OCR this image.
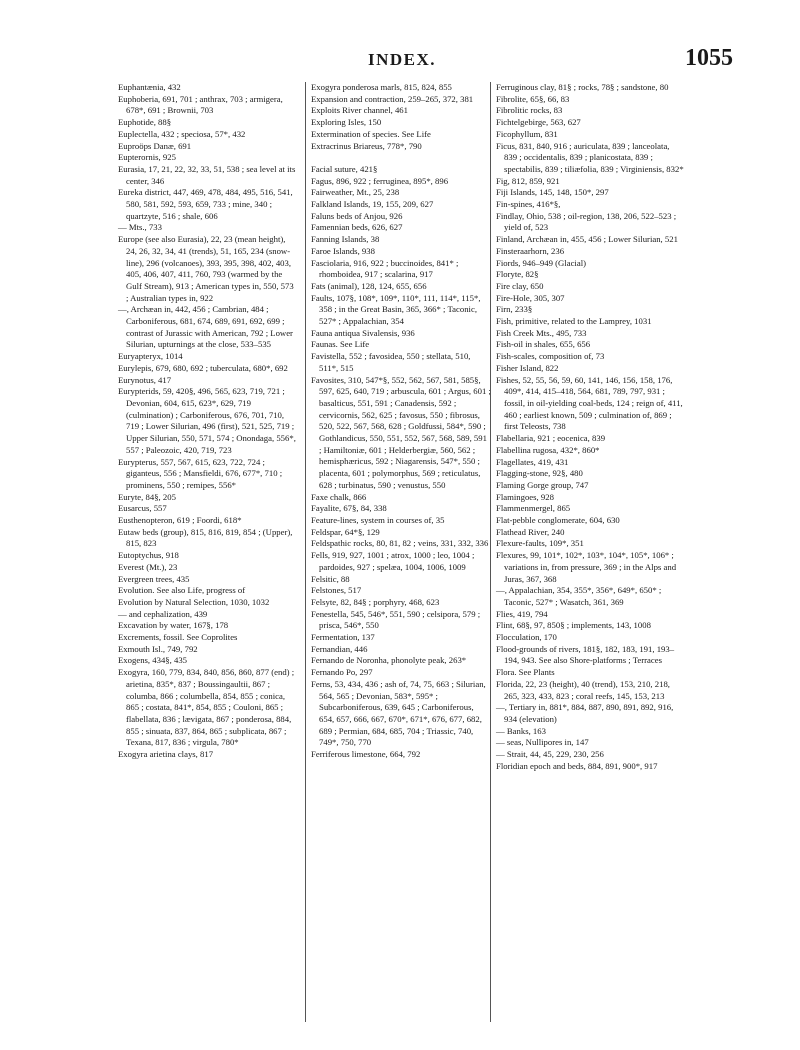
INDEX.	1055
Euphantænia, 432
Euphoberia, 691, 701 ; anthrax, 703 ; armigera, 678*, 691 ; Brownii, 703
Euphotide, 88§
Euplectella, 432 ; speciosa, 57*, 432
Euproöps Danæ, 691
Eupterornis, 925
Eurasia, 17, 21, 22, 32, 33, 51, 538 ; sea level at its center, 346
Eureka district, 447, 469, 478, 484, 495, 516, 541, 580, 581, 592, 593, 659, 733 ; mine, 340 ; quartzyte, 516 ; shale, 606
— Mts., 733
Europe (see also Eurasia), 22, 23 (mean height), 24, 26, 32, 34, 41 (trends), 51, 165, 234 (snow-line), 296 (volcanoes), 393, 395, 398, 402, 403, 405, 406, 407, 411, 760, 793 (warmed by the Gulf Stream), 913 ; American types in, 550, 573 ; Australian types in, 922
—, Archæan in, 442, 456 ; Cambrian, 484 ; Carboniferous, 681, 674, 689, 691, 692, 699 ; contrast of Jurassic with American, 792 ; Lower Silurian, upturnings at the close, 533–535
Euryapteryx, 1014
Eurylepis, 679, 680, 692 ; tuberculata, 680*, 692
Eurynotus, 417
Eurypterids, 59, 420§, 496, 565, 623, 719, 721 ; Devonian, 604, 615, 623*, 629, 719 (culmination) ; Carboniferous, 676, 701, 710, 719 ; Lower Silurian, 496 (first), 521, 525, 719 ; Upper Silurian, 550, 571, 574 ; Onondaga, 556*, 557 ; Paleozoic, 420, 719, 723
Eurypterus, 557, 567, 615, 623, 722, 724 ; giganteus, 556 ; Mansfieldi, 676, 677*, 710 ; prominens, 550 ; remipes, 556*
Euryte, 84§, 205
Eusarcus, 557
Eusthenopteron, 619 ; Foordi, 618*
Eutaw beds (group), 815, 816, 819, 854 ; (Upper), 815, 823
Eutoptychus, 918
Everest (Mt.), 23
Evergreen trees, 435
Evolution. See also Life, progress of
Evolution by Natural Selection, 1030, 1032
— and cephalization, 439
Excavation by water, 167§, 178
Excrements, fossil. See Coprolites
Exmouth Isl., 749, 792
Exogens, 434§, 435
Exogyra, 160, 779, 834, 840, 856, 860, 877 (end) ; arietina, 835*, 837 ; Boussingaultii, 867 ; columba, 866 ; columbella, 854, 855 ; conica, 865 ; costata, 841*, 854, 855 ; Couloni, 865 ; flabellata, 836 ; lævigata, 867 ; ponderosa, 884, 855 ; sinuata, 837, 864, 865 ; subplicata, 867 ; Texana, 817, 836 ; virgula, 780*
Exogyra arietina clays, 817
Exogyra ponderosa marls, 815, 824, 855
Expansion and contraction, 259–265, 372, 381
Exploits River channel, 461
Exploring Isles, 150
Extermination of species. See Life
Extracrinus Briareus, 778*, 790
Facial suture, 421§
Fagus, 896, 922 ; ferruginea, 895*, 896
Fairweather, Mt., 25, 238
Falkland Islands, 19, 155, 209, 627
Faluns beds of Anjou, 926
Famennian beds, 626, 627
Fanning Islands, 38
Faroe Islands, 938
Fasciolaria, 916, 922 ; buccinoides, 841* ; rhomboidea, 917 ; scalarina, 917
Fats (animal), 128, 124, 655, 656
Faults, 107§, 108*, 109*, 110*, 111, 114*, 115*, 358 ; in the Great Basin, 365, 366* ; Taconic, 527* ; Appalachian, 354
Fauna antiqua Sivalensis, 936
Faunas. See Life
Favistella, 552 ; favosidea, 550 ; stellata, 510, 511*, 515
Favosites, 310, 547*§, 552, 562, 567, 581, 585§, 597, 625, 640, 719 ; arbuscula, 601 ; Argus, 601 ; basalticus, 551, 591 ; Canadensis, 592 ; cervicornis, 562, 625 ; favosus, 550 ; fibrosus, 520, 522, 567, 568, 628 ; Goldfussi, 584*, 590 ; Gothlandicus, 550, 551, 552, 567, 568, 589, 591 ; Hamiltoniæ, 601 ; Helderbergiæ, 560, 562 ; hemisphæricus, 592 ; Niagarensis, 547*, 550 ; placenta, 601 ; polymorphus, 569 ; reticulatus, 628 ; turbinatus, 590 ; venustus, 550
Faxe chalk, 866
Fayalite, 67§, 84, 338
Feature-lines, system in courses of, 35
Feldspar, 64*§, 129
Feldspathic rocks, 80, 81, 82 ; veins, 331, 332, 336
Fells, 919, 927, 1001 ; atrox, 1000 ; leo, 1004 ; pardoides, 927 ; spelæa, 1004, 1006, 1009
Felsitic, 88
Felstones, 517
Felsyte, 82, 84§ ; porphyry, 468, 623
Fenestella, 545, 546*, 551, 590 ; celsipora, 579 ; prisca, 546*, 550
Fermentation, 137
Fernandian, 446
Fernando de Noronha, phonolyte peak, 263*
Fernando Po, 297
Ferns, 53, 434, 436 ; ash of, 74, 75, 663 ; Silurian, 564, 565 ; Devonian, 583*, 595* ; Subcarboniferous, 639, 645 ; Carboniferous, 654, 657, 666, 667, 670*, 671*, 676, 677, 682, 689 ; Permian, 684, 685, 704 ; Triassic, 740, 749*, 750, 770
Ferriferous limestone, 664, 792
Ferruginous clay, 81§ ; rocks, 78§ ; sandstone, 80
Fibrolite, 65§, 66, 83
Fibrolitic rocks, 83
Fichtelgebirge, 563, 627
Ficophyllum, 831
Ficus, 831, 840, 916 ; auriculata, 839 ; lanceolata, 839 ; occidentalis, 839 ; planicostata, 839 ; spectabilis, 839 ; tiliæfolia, 839 ; Virginiensis, 832*
Fig, 812, 859, 921
Fiji Islands, 145, 148, 150*, 297
Fin-spines, 416*§,
Findlay, Ohio, 538 ; oil-region, 138, 206, 522–523 ; yield of, 523
Finland, Archæan in, 455, 456 ; Lower Silurian, 521
Finsteraarhorn, 236
Fiords, 946–949 (Glacial)
Floryte, 82§
Fire clay, 650
Fire-Hole, 305, 307
Firn, 233§
Fish, primitive, related to the Lamprey, 1031
Fish Creek Mts., 495, 733
Fish-oil in shales, 655, 656
Fish-scales, composition of, 73
Fisher Island, 822
Fishes, 52, 55, 56, 59, 60, 141, 146, 156, 158, 176, 409*, 414, 415–418, 564, 681, 789, 797, 931 ; fossil, in oil-yielding coal-beds, 124 ; reign of, 411, 460 ; earliest known, 509 ; culmination of, 869 ; first Teleosts, 738
Flabellaria, 921 ; eocenica, 839
Flabellina rugosa, 432*, 860*
Flagellates, 419, 431
Flagging-stone, 92§, 480
Flaming Gorge group, 747
Flamingoes, 928
Flammenmergel, 865
Flat-pebble conglomerate, 604, 630
Flathead River, 240
Flexure-faults, 109*, 351
Flexures, 99, 101*, 102*, 103*, 104*, 105*, 106* ; variations in, from pressure, 369 ; in the Alps and Juras, 367, 368
—, Appalachian, 354, 355*, 356*, 649*, 650* ; Taconic, 527* ; Wasatch, 361, 369
Flies, 419, 794
Flint, 68§, 97, 850§ ; implements, 143, 1008
Flocculation, 170
Flood-grounds of rivers, 181§, 182, 183, 191, 193–194, 943. See also Shore-platforms ; Terraces
Flora. See Plants
Florida, 22, 23 (height), 40 (trend), 153, 210, 218, 265, 323, 433, 823 ; coral reefs, 145, 153, 213
—, Tertiary in, 881*, 884, 887, 890, 891, 892, 916, 934 (elevation)
— Banks, 163
— seas, Nullipores in, 147
— Strait, 44, 45, 229, 230, 256
Floridian epoch and beds, 884, 891, 900*, 917
